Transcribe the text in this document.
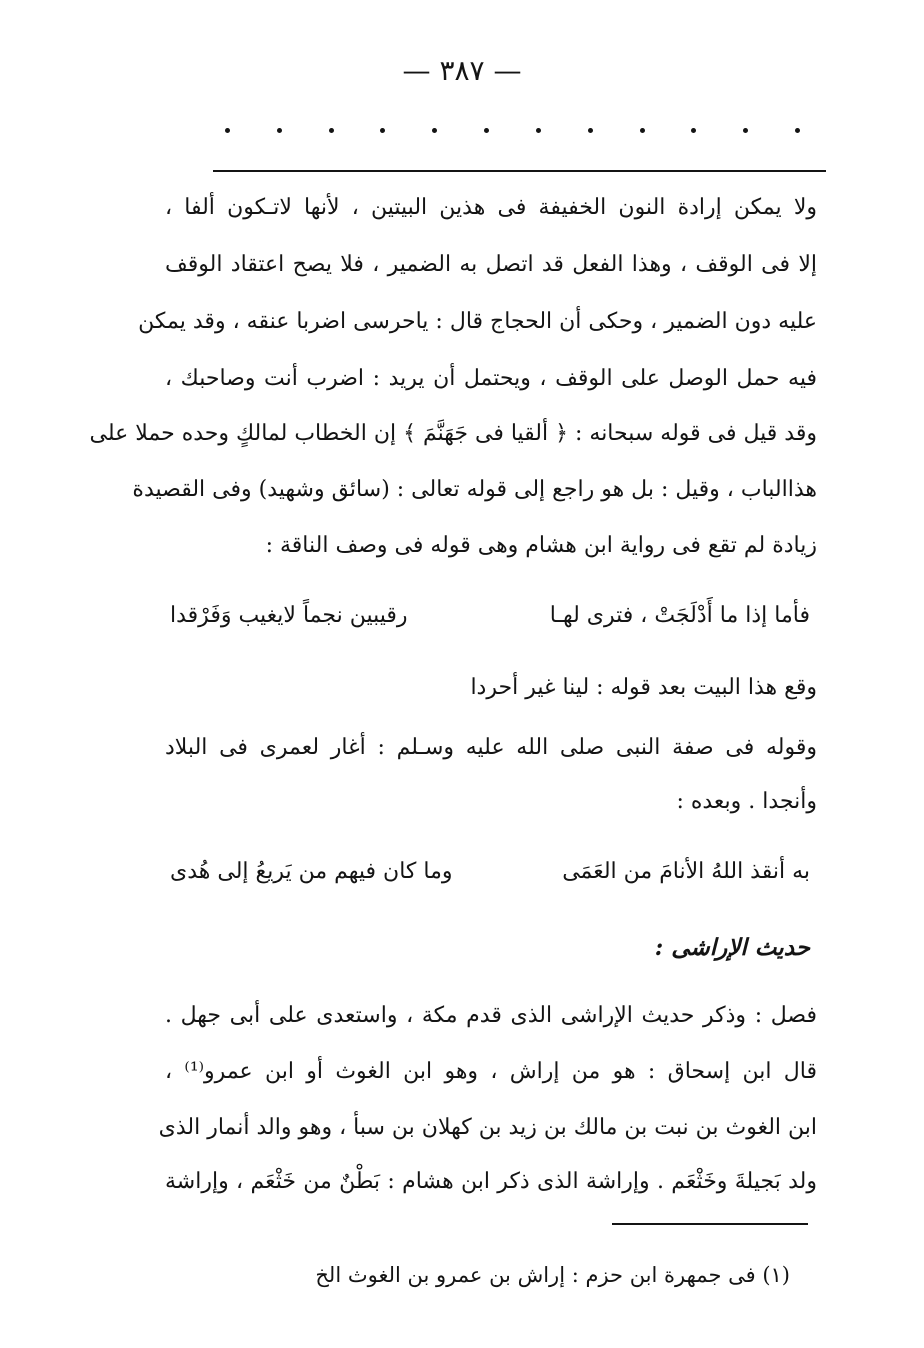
— ٣٨٧ —
ولا يمكن إرادة النون الخفيفة فى هذين البيتين ، لأنها لاتـكون ألفا ،
إلا فى الوقف ، وهذا الفعل قد اتصل به الضمير ، فلا يصح اعتقاد الوقف
عليه دون الضمير ، وحكى أن الحجاج قال : ياحرسى اضربا عنقه ، وقد يمكن
فيه حمل الوصل على الوقف ، ويحتمل أن يريد : اضرب أنت وصاحبك ،
وقد قيل فى قوله سبحانه : ﴿ ألقيا فى جَهَنَّمَ ﴾ إن الخطاب لمالكٍ وحده حملا على
هذاالباب ، وقيل : بل هو راجع إلى قوله تعالى : (سائق وشهيد) وفى القصيدة
زيادة لم تقع فى رواية ابن هشام وهى قوله فى وصف الناقة :
فأما إذا ما أَدْلَجَتْ ، فترى لهـا
رقيبين نجماً لايغيب وَفَرْقدا
وقع هذا البيت بعد قوله : لينا غير أحردا
وقوله فى صفة النبى صلى الله عليه وسـلم : أغار لعمرى فى البلاد
وأنجدا . وبعده :
به أنقذ اللهُ الأنامَ من العَمَى
وما كان فيهم من يَريعُ إلى هُدى
حديث الإراشى :
فصل : وذكر حديث الإراشى الذى قدم مكة ، واستعدى على أبى جهل .
قال ابن إسحاق : هو من إراش ، وهو ابن الغوث أو ابن عمرو⁽¹⁾ ،
ابن الغوث بن نبت بن مالك بن زيد بن كهلان بن سبأ ، وهو والد أنمار الذى
ولد بَجيلةَ وخَثْعَم . وإراشة الذى ذكر ابن هشام : بَطْنٌ من خَثْعَم ، وإراشة
(١) فى جمهرة ابن حزم : إراش بن عمرو بن الغوث الخ
